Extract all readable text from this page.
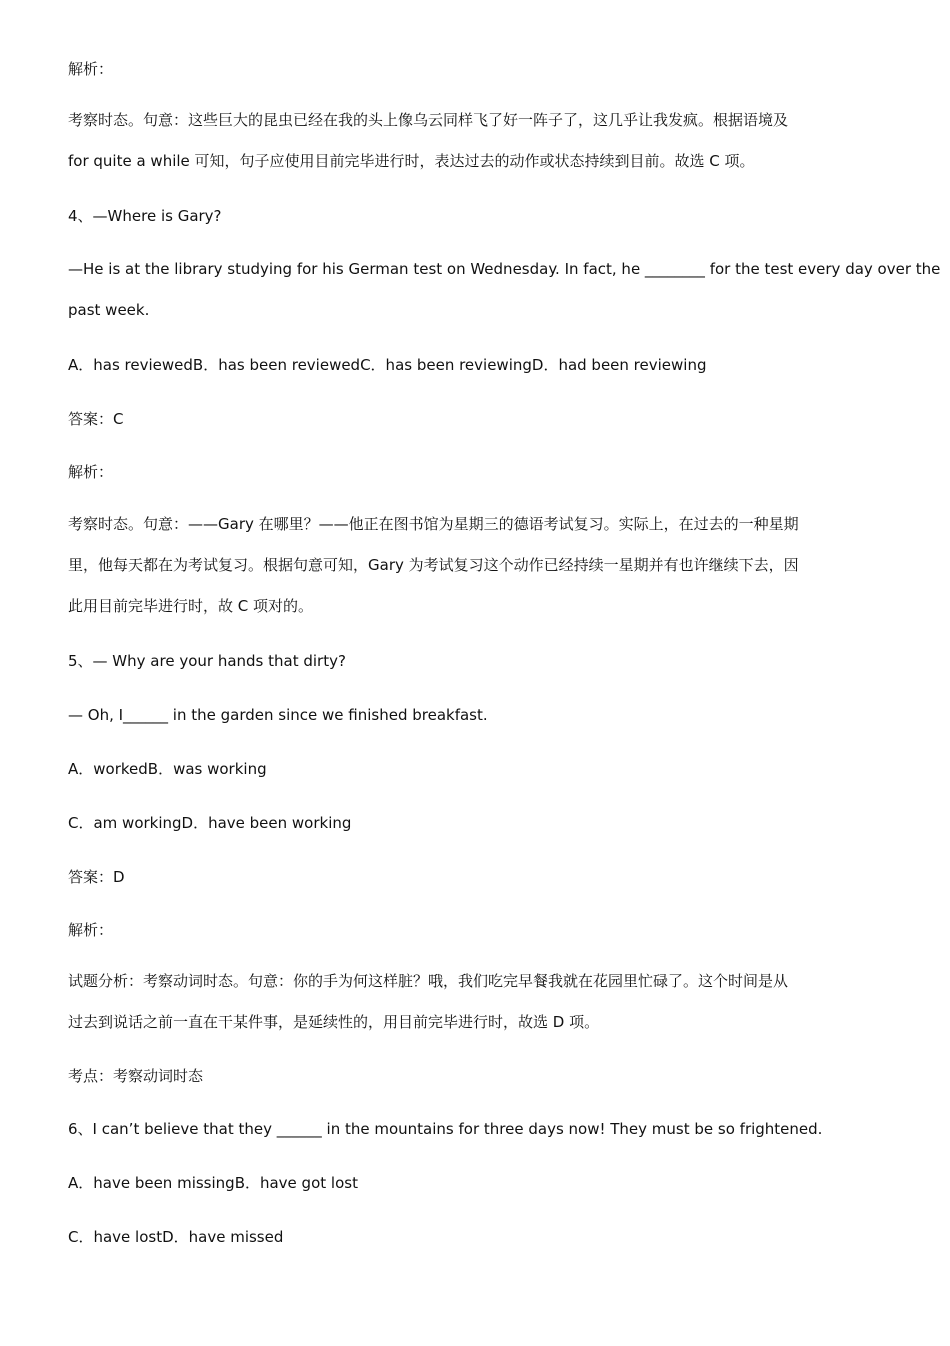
解析：
考察时态。句意：这些巨大的昆虫已经在我的头上像乌云同样飞了好一阵子了，这几乎让我发疯。根据语境及
for quite a while 可知，句子应使用目前完毕进行时，表达过去的动作或状态持续到目前。故选 C 项。
4、—Where is Gary?
—He is at the library studying for his German test on Wednesday. In fact, he ________ for the test every day over the
past week.
A．has reviewedB．has been reviewedC．has been reviewingD．had been reviewing
答案：C
解析：
考察时态。句意：——Gary 在哪里？——他正在图书馆为星期三的德语考试复习。实际上，在过去的一种星期
里，他每天都在为考试复习。根据句意可知，Gary 为考试复习这个动作已经持续一星期并有也许继续下去，因
此用目前完毕进行时，故 C 项对的。
5、— Why are your hands that dirty?
— Oh, I______ in the garden since we finished breakfast.
A．workedB．was working
C．am workingD．have been working
答案：D
解析：
试题分析：考察动词时态。句意：你的手为何这样脏？哦，我们吃完早餐我就在花园里忙碌了。这个时间是从
过去到说话之前一直在干某件事，是延续性的，用目前完毕进行时，故选 D 项。
考点：考察动词时态
6、I can’t believe that they ______ in the mountains for three days now! They must be so frightened.
A．have been missingB．have got lost
C．have lostD．have missed
